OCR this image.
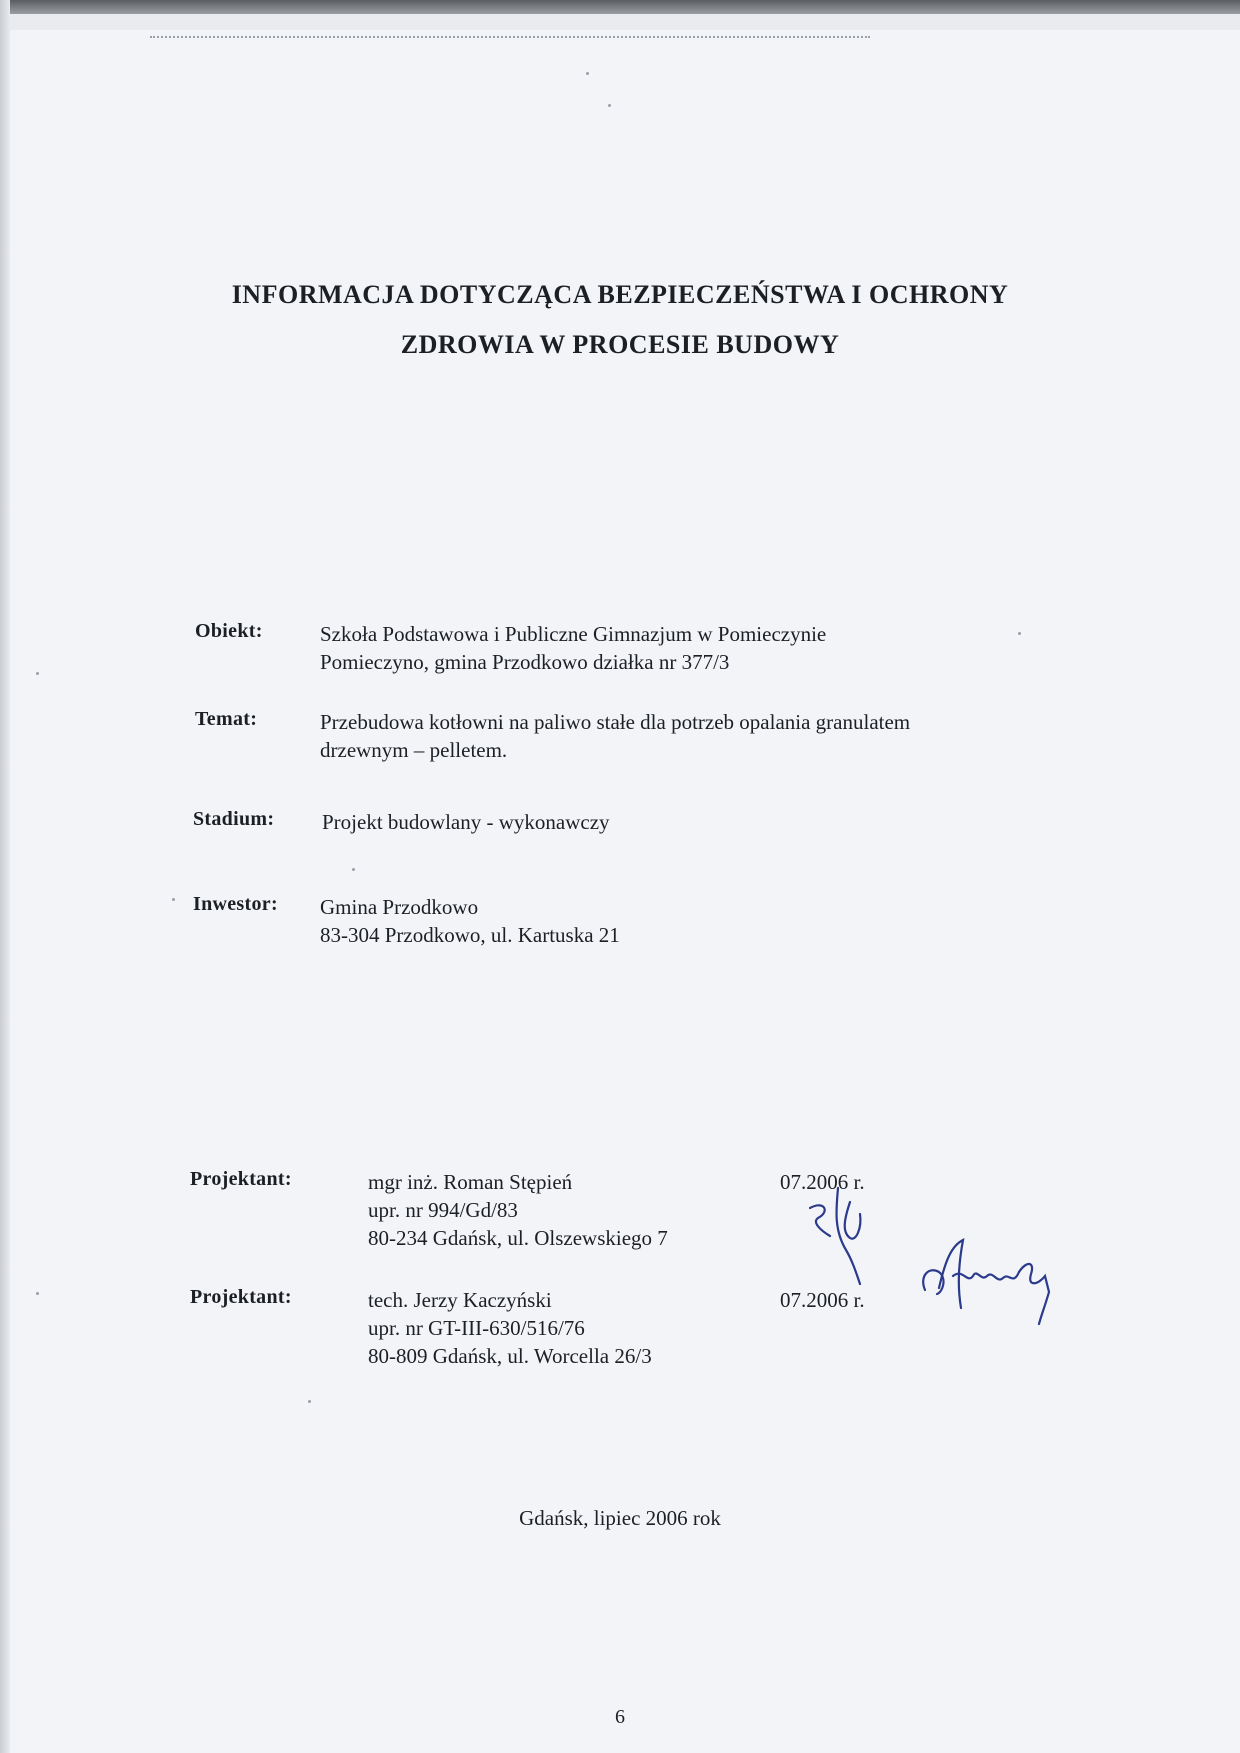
INFORMACJA DOTYCZĄCA BEZPIECZEŃSTWA I OCHRONY
ZDROWIA W PROCESIE BUDOWY
Obiekt:	Szkoła Podstawowa i Publiczne Gimnazjum w Pomieczynie
Pomieczyno, gmina Przodkowo działka nr 377/3
Temat:	Przebudowa kotłowni na paliwo stałe dla potrzeb opalania granulatem
drzewnym – pelletem.
Stadium: Projekt budowlany - wykonawczy
Inwestor: Gmina Przodkowo
83-304 Przodkowo, ul. Kartuska 21
Projektant:	mgr inż. Roman Stępień
upr. nr 994/Gd/83
80-234 Gdańsk, ul. Olszewskiego 7
07.2006 r.
Projektant:	tech. Jerzy Kaczyński
upr. nr GT-III-630/516/76
80-809 Gdańsk, ul. Worcella 26/3
07.2006 r.
Gdańsk, lipiec 2006 rok
6
